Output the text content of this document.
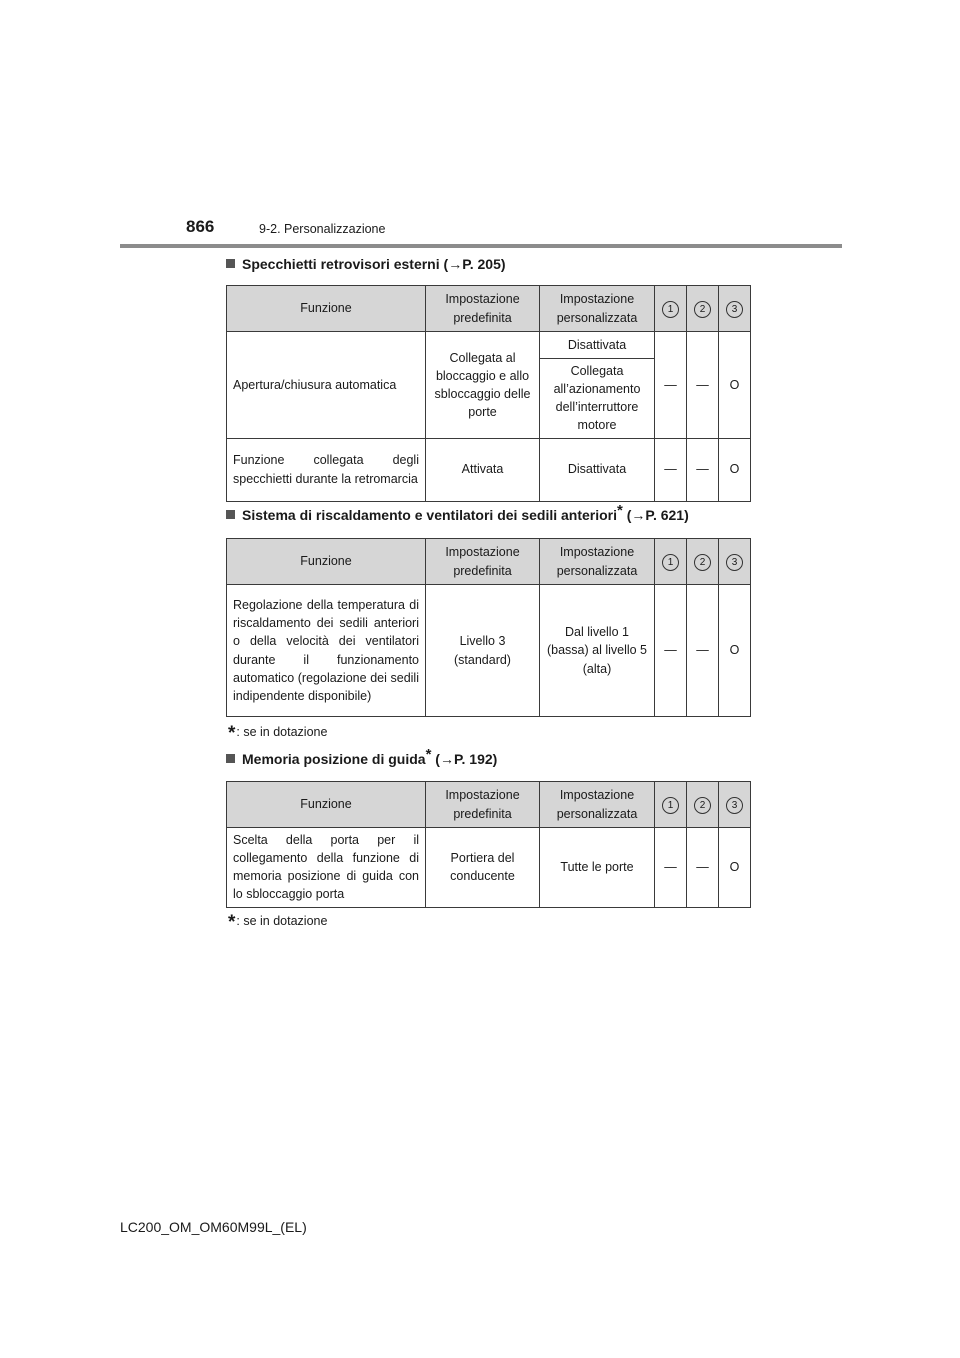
866	9-2. Personalizzazione
Specchietti retrovisori esterni (→P. 205)
Funzione	Impostazione predefinita	Impostazione personalizzata	1	2	3
Apertura/chiusura automatica	Collegata al bloccaggio e allo sbloccaggio delle porte	Disattivata	—	—	O
		Collegata all’azionamento dell’interruttore motore			
Funzione collegata degli specchietti durante la retromarcia	Attivata	Disattivata	—	—	O
Sistema di riscaldamento e ventilatori dei sedili anteriori* (→P. 621)
Funzione	Impostazione predefinita	Impostazione personalizzata	1	2	3
Regolazione della temperatura di riscaldamento dei sedili anteriori o della velocità dei ventilatori durante il funzionamento automatico (regolazione dei sedili indipendente disponibile)	Livello 3 (standard)	Dal livello 1 (bassa) al livello 5 (alta)	—	—	O
*: se in dotazione
Memoria posizione di guida* (→P. 192)
Funzione	Impostazione predefinita	Impostazione personalizzata	1	2	3
Scelta della porta per il collegamento della funzione di memoria posizione di guida con lo sbloccaggio porta	Portiera del conducente	Tutte le porte	—	—	O
*: se in dotazione
LC200_OM_OM60M99L_(EL)
